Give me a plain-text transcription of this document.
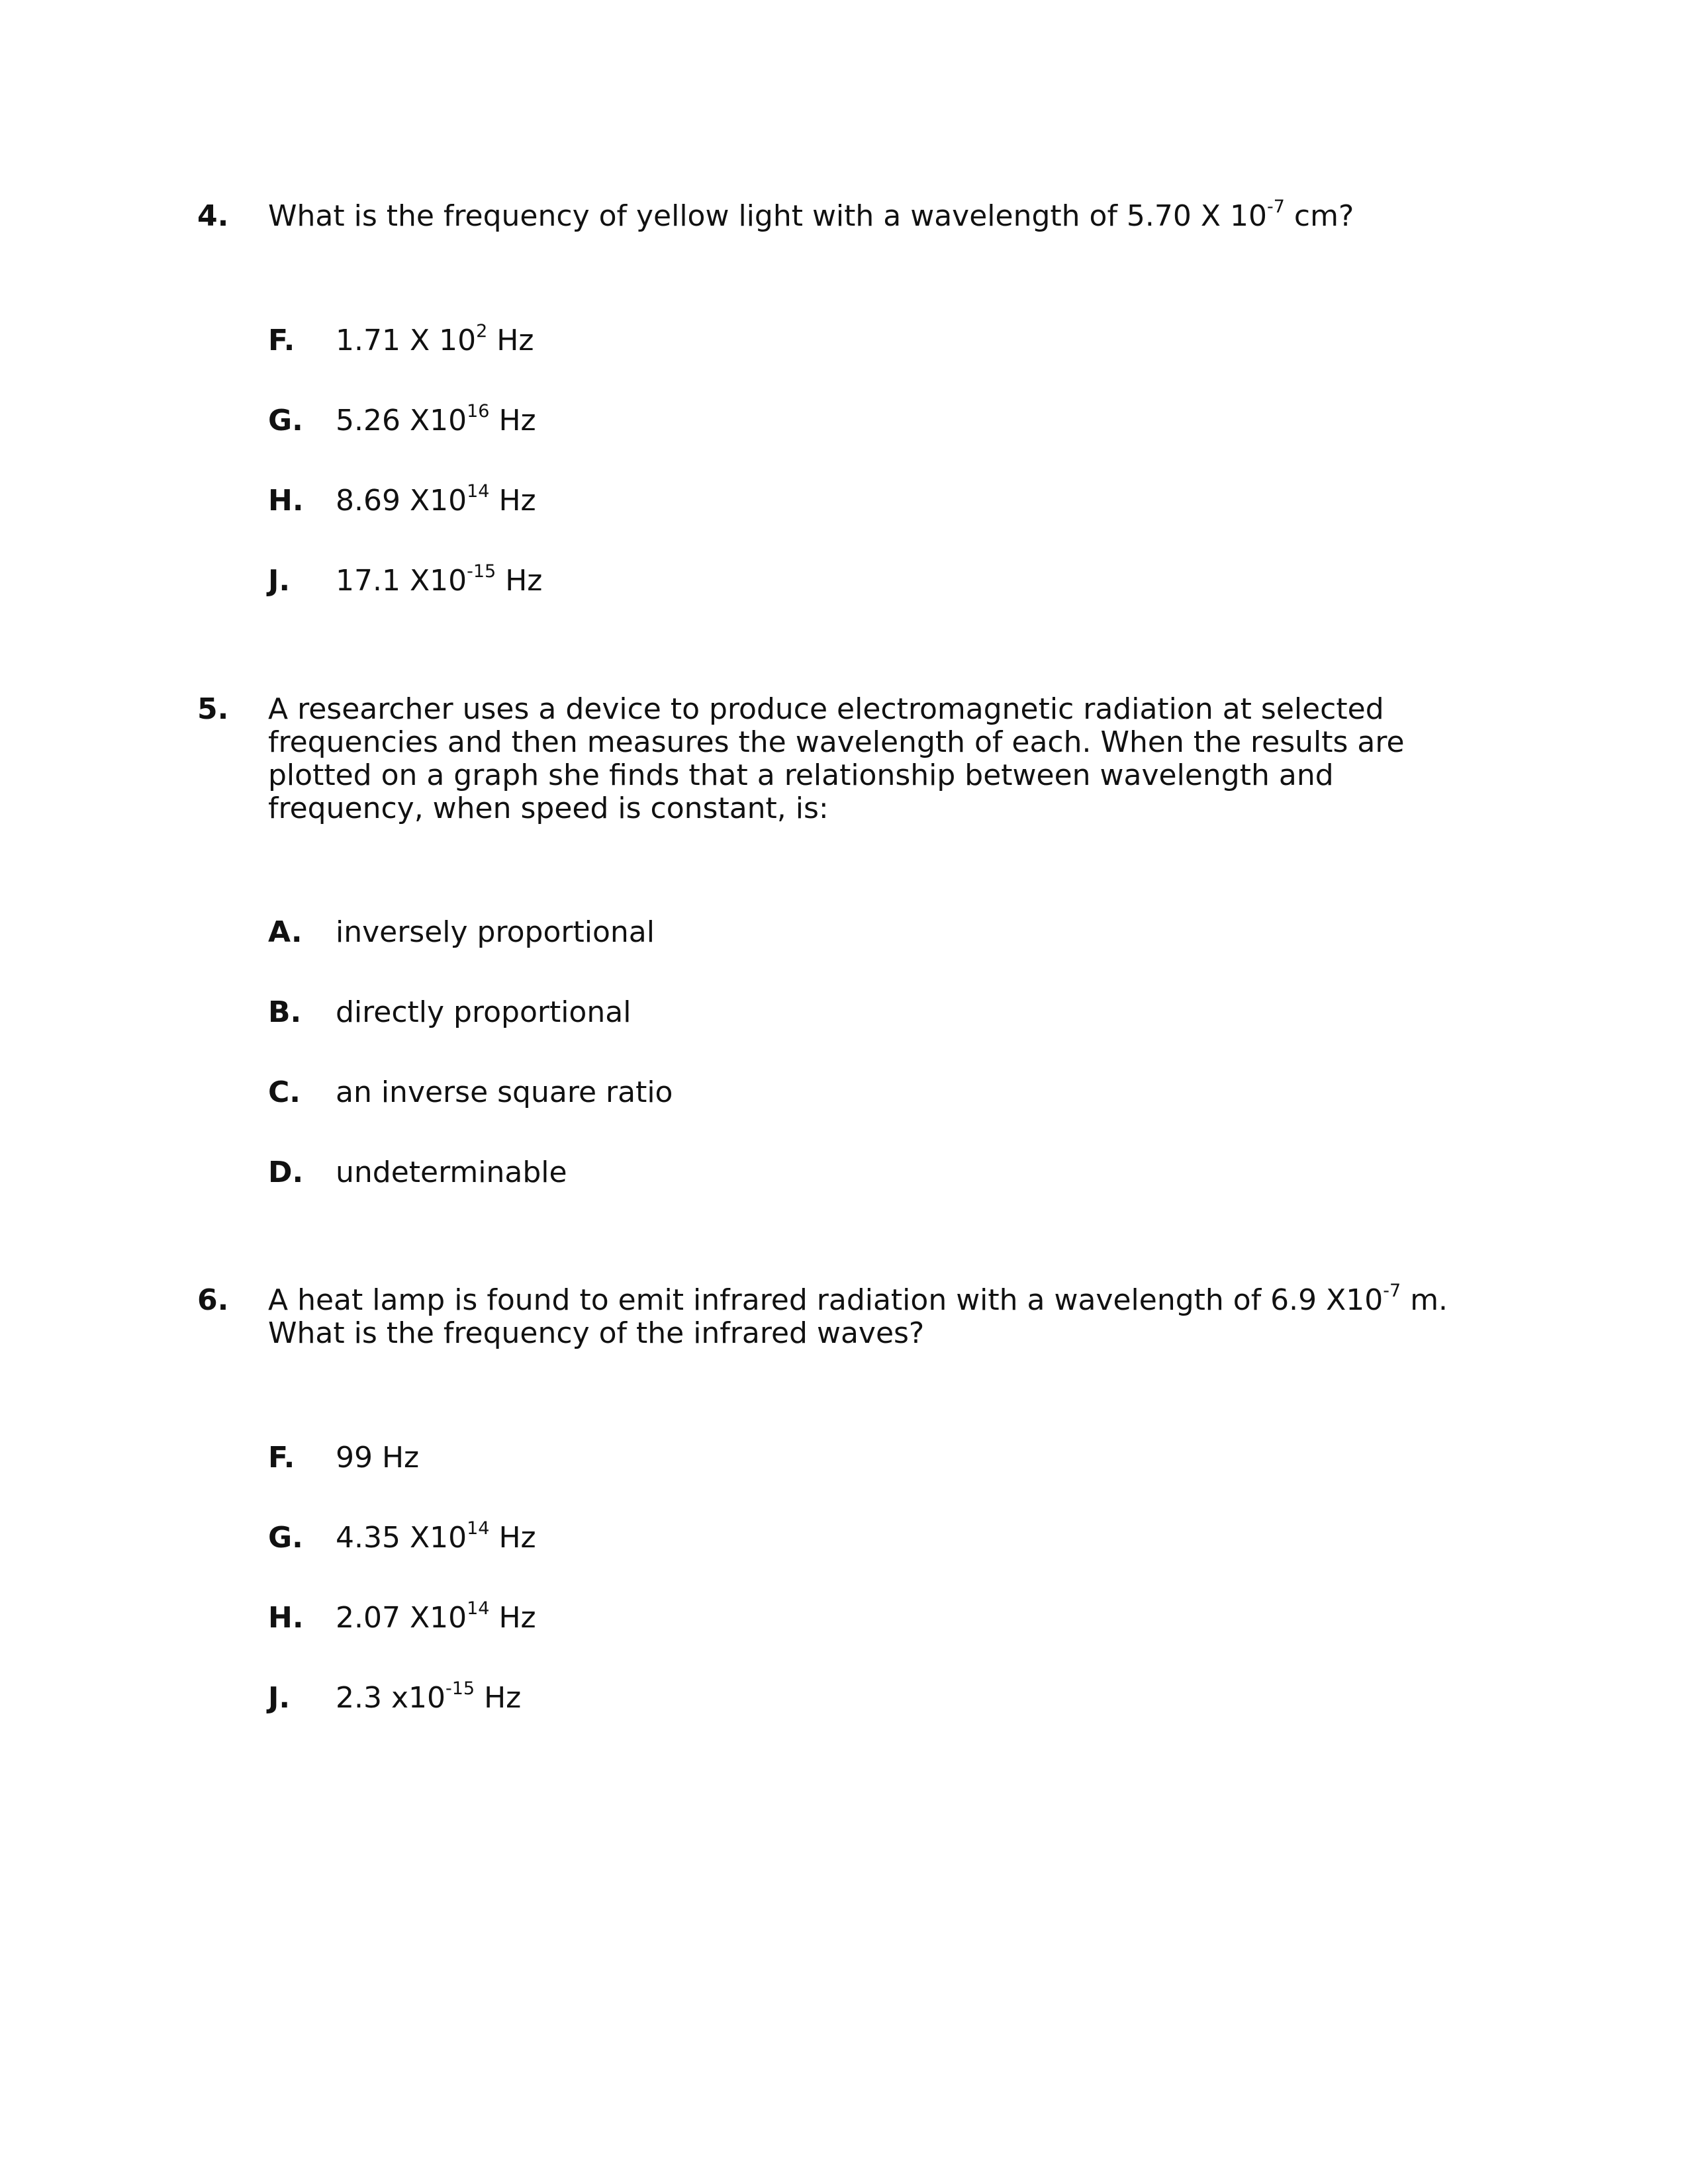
4. What is the frequency of yellow light with a wavelength of 5.70 X $10^{-7}$ cm?
F. 1.71 X $10^2$ Hz
G. 5.26 $X10^{16}$ Hz
H. 8.69 $X10^{14}$ Hz
J. 17.1 $X10^{-15}$ Hz
5. A researcher uses a device to produce electromagnetic radiation at selected frequencies and then measures the wavelength of each. When the results are plotted on a graph she finds that a relationship between wavelength and frequency, when speed is constant, is:
A. inversely proportional
B. directly proportional
C. an inverse square ratio
D. undeterminable
6. A heat lamp is found to emit infrared radiation with a wavelength of 6.9 $X10^{-7}$ m. What is the frequency of the infrared waves?
F. 99 Hz
G. 4.35 $X10^{14}$ Hz
H. 2.07 $X10^{14}$ Hz
J. 2.3 $x10^{-15}$ Hz
